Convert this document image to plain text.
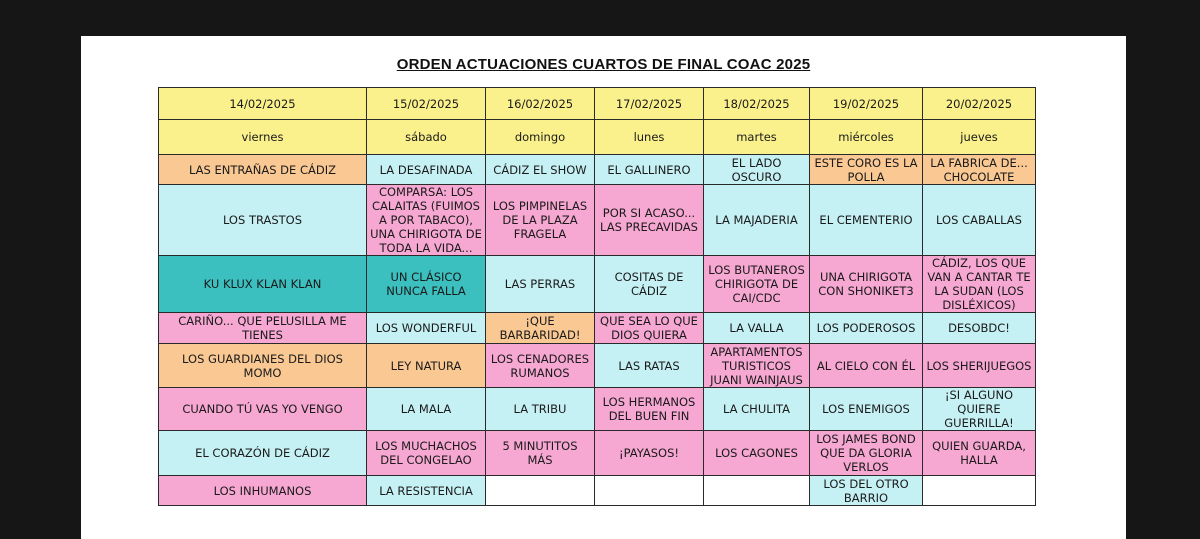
ORDEN ACTUACIONES CUARTOS DE FINAL COAC 2025
14/02/2025	15/02/2025	16/02/2025	17/02/2025	18/02/2025	19/02/2025	20/02/2025
viernes	sábado	domingo	lunes	martes	miércoles	jueves
LAS ENTRAÑAS DE CÁDIZ	LA DESAFINADA	CÁDIZ EL SHOW	EL GALLINERO	EL LADO OSCURO	ESTE CORO ES LA POLLA	LA FABRICA DE... CHOCOLATE
LOS TRASTOS	COMPARSA: LOS CALAITAS (FUIMOS A POR TABACO), UNA CHIRIGOTA DE TODA LA VIDA...	LOS PIMPINELAS DE LA PLAZA FRAGELA	POR SI ACASO... LAS PRECAVIDAS	LA MAJADERIA	EL CEMENTERIO	LOS CABALLAS
KU KLUX KLAN KLAN	UN CLÁSICO NUNCA FALLA	LAS PERRAS	COSITAS DE CÁDIZ	LOS BUTANEROS CHIRIGOTA DE CAI/CDC	UNA CHIRIGOTA CON SHONIKET3	CÁDIZ, LOS QUE VAN A CANTAR TE LA SUDAN (LOS DISLÉXICOS)
CARIÑO... QUE PELUSILLA ME TIENES	LOS WONDERFUL	¡QUE BARBARIDAD!	QUE SEA LO QUE DIOS QUIERA	LA VALLA	LOS PODEROSOS	DESOBDC!
LOS GUARDIANES DEL DIOS MOMO	LEY NATURA	LOS CENADORES RUMANOS	LAS RATAS	APARTAMENTOS TURISTICOS JUANI WAINJAUS	AL CIELO CON ÉL	LOS SHERIJUEGOS
CUANDO TÚ VAS YO VENGO	LA MALA	LA TRIBU	LOS HERMANOS DEL BUEN FIN	LA CHULITA	LOS ENEMIGOS	¡SI ALGUNO QUIERE GUERRILLA!
EL CORAZÓN DE CÁDIZ	LOS MUCHACHOS DEL CONGELAO	5 MINUTITOS MÁS	¡PAYASOS!	LOS CAGONES	LOS JAMES BOND QUE DA GLORIA VERLOS	QUIEN GUARDA, HALLA
LOS INHUMANOS	LA RESISTENCIA				LOS DEL OTRO BARRIO	
